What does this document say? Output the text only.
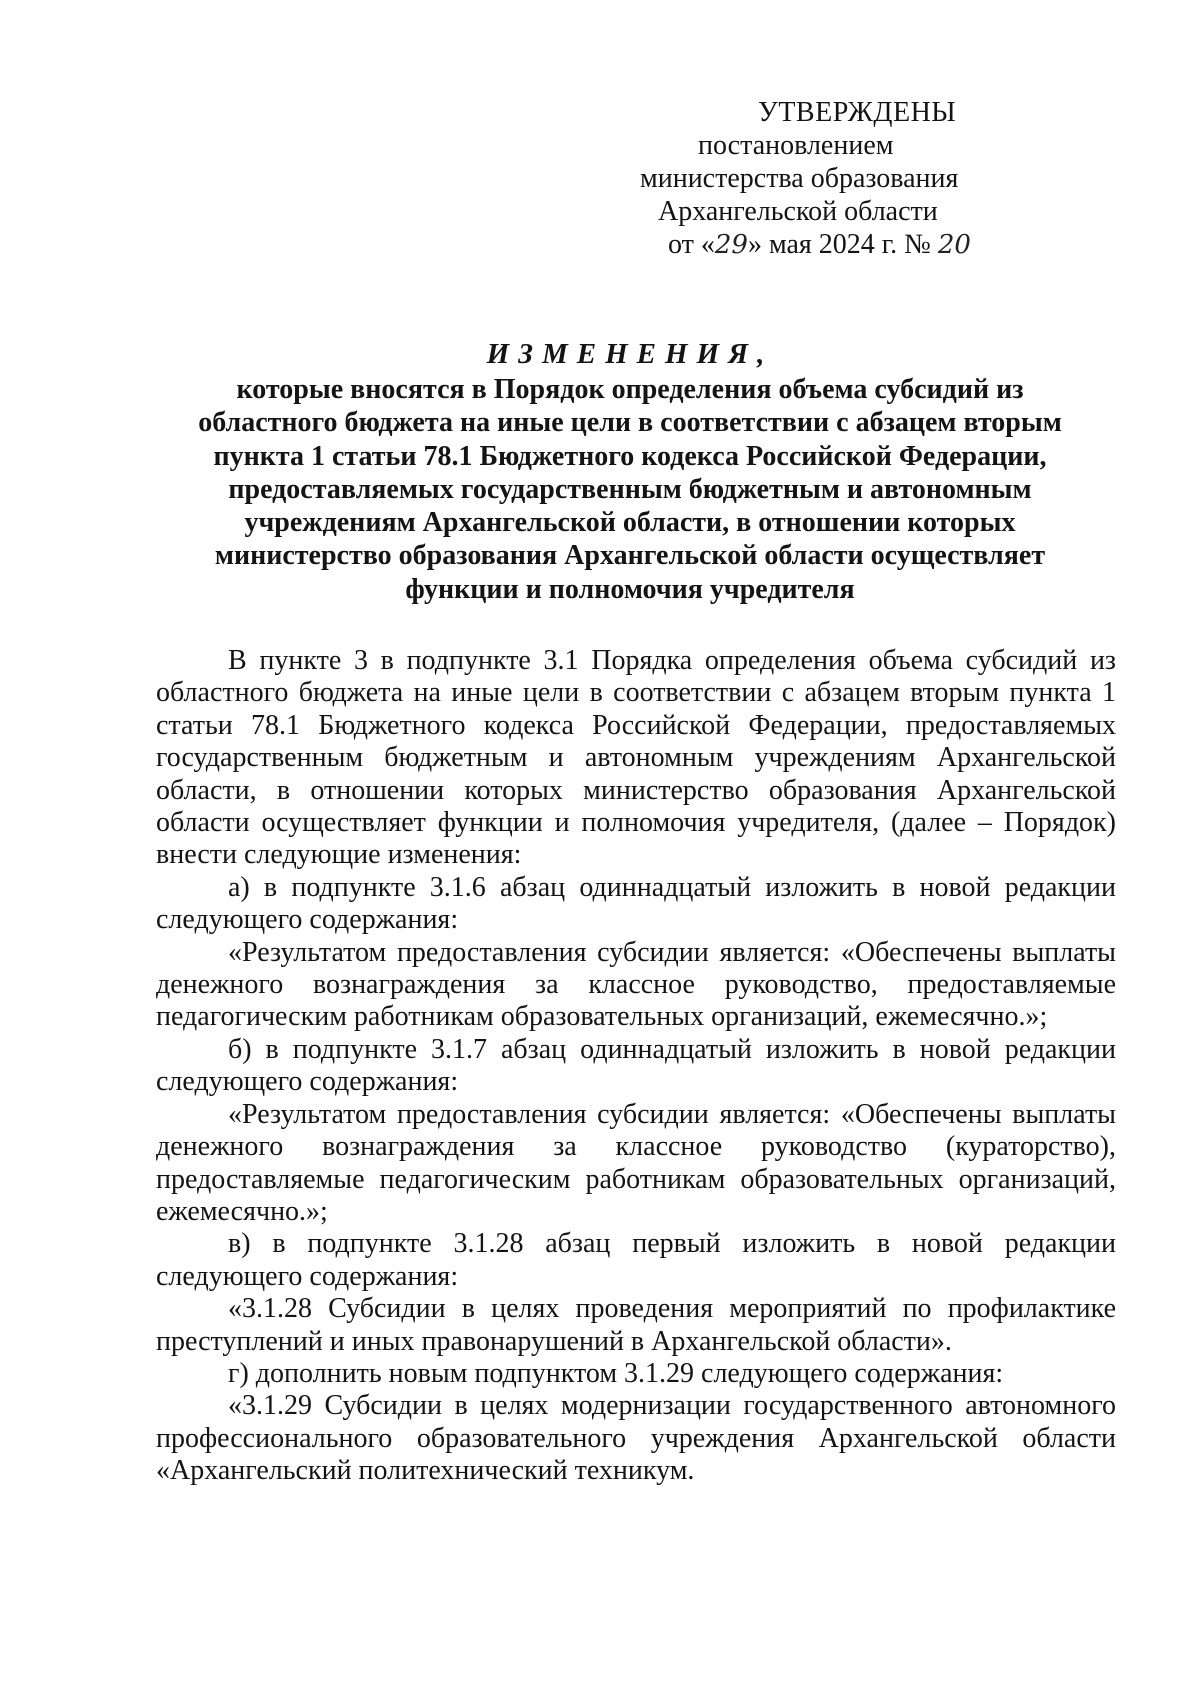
УТВЕРЖДЕНЫ
постановлением
министерства образования
Архангельской области
от «29» мая 2024 г. № 20
ИЗМЕНЕНИЯ,
которые вносятся в Порядок определения объема субсидий из
областного бюджета на иные цели в соответствии с абзацем вторым
пункта 1 статьи 78.1 Бюджетного кодекса Российской Федерации,
предоставляемых государственным бюджетным и автономным
учреждениям Архангельской области, в отношении которых
министерство образования Архангельской области осуществляет
функции и полномочия учредителя

В пункте 3 в подпункте 3.1 Порядка определения объема субсидий из областного бюджета на иные цели в соответствии с абзацем вторым пункта 1 статьи 78.1 Бюджетного кодекса Российской Федерации, предоставляемых государственным бюджетным и автономным учреждениям Архангельской области, в отношении которых министерство образования Архангельской области осуществляет функции и полномочия учредителя, (далее – Порядок) внести следующие изменения:

а) в подпункте 3.1.6 абзац одиннадцатый изложить в новой редакции следующего содержания:

«Результатом предоставления субсидии является: «Обеспечены выплаты денежного вознаграждения за классное руководство, предоставляемые педагогическим работникам образовательных организаций, ежемесячно.»;

б) в подпункте 3.1.7 абзац одиннадцатый изложить в новой редакции следующего содержания:

«Результатом предоставления субсидии является: «Обеспечены выплаты денежного вознаграждения за классное руководство (кураторство), предоставляемые педагогическим работникам образовательных организаций, ежемесячно.»;

в) в подпункте 3.1.28 абзац первый изложить в новой редакции следующего содержания:

«3.1.28 Субсидии в целях проведения мероприятий по профилактике преступлений и иных правонарушений в Архангельской области».

г) дополнить новым подпунктом 3.1.29 следующего содержания:

«3.1.29 Субсидии в целях модернизации государственного автономного профессионального образовательного учреждения Архангельской области «Архангельский политехнический техникум.
